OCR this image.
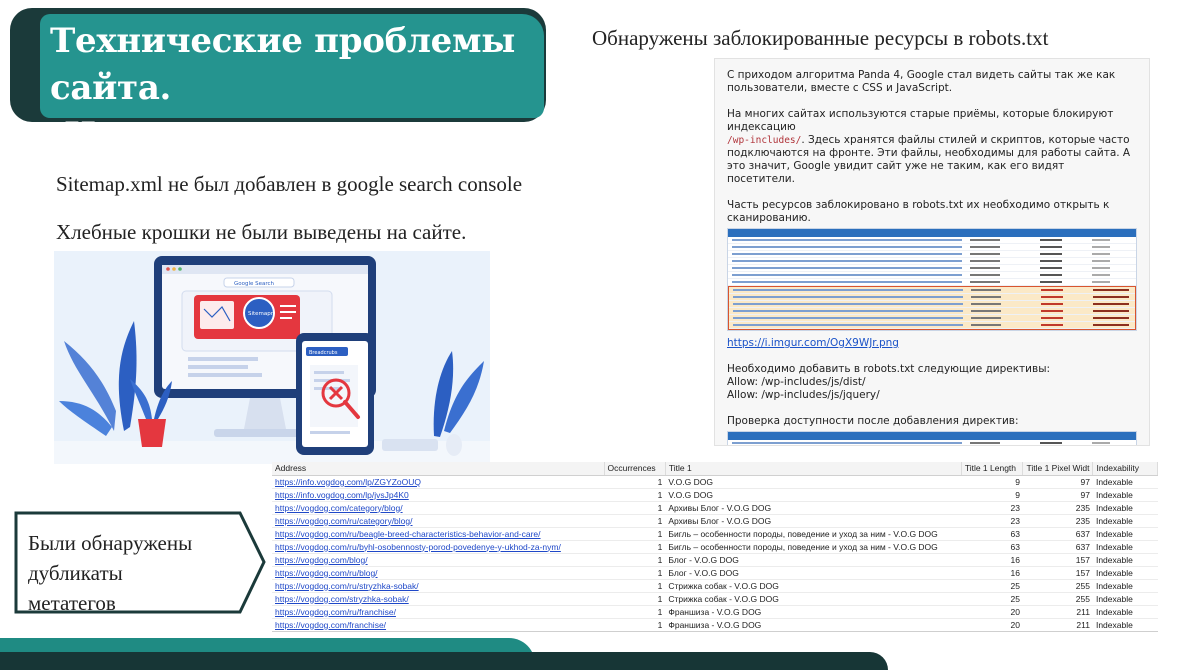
Технические проблемы сайта.
Их устранение.
Обнаружены заблокированные ресурсы в robots.txt
Sitemap.xml не был добавлен в google search console
Хлебные крошки не были выведены на сайте.
Google Search
Sitemapn
Breadcrubs

С приходом алгоритма Panda 4, Google стал видеть сайты так же как пользователи, вместе с CSS и JavaScript.

На многих сайтах используются старые приёмы, которые блокируют индексацию
/wp-includes/. Здесь хранятся файлы стилей и скриптов, которые часто подключаются на фронте. Эти файлы, необходимы для работы сайта. А это значит, Google увидит сайт уже не таким, как его видят посетители.

Часть ресурсов заблокировано в robots.txt их необходимо открыть к сканированию.

https://i.imgur.com/OgX9WJr.png

Необходимо добавить в robots.txt следующие директивы:
Allow: /wp-includes/js/dist/
Allow: /wp-includes/js/jquery/

Проверка доступности после добавления директив:

Address	Occurrences	Title 1	Title 1 Length	Title 1 Pixel Widt	Indexability
https://info.vogdog.com/lp/ZGYZoOUQ	1	V.O.G DOG	9	97	Indexable
https://info.vogdog.com/lp/jvsJp4K0	1	V.O.G DOG	9	97	Indexable
https://vogdog.com/category/blog/	1	Архивы Блог - V.O.G DOG	23	235	Indexable
https://vogdog.com/ru/category/blog/	1	Архивы Блог - V.O.G DOG	23	235	Indexable
https://vogdog.com/ru/beagle-breed-characteristics-behavior-and-care/	1	Бигль – особенности породы, поведение и уход за ним - V.O.G DOG	63	637	Indexable
https://vogdog.com/ru/byhl-osobennosty-porod-povedenye-y-ukhod-za-nym/	1	Бигль – особенности породы, поведение и уход за ним - V.O.G DOG	63	637	Indexable
https://vogdog.com/blog/	1	Блог - V.O.G DOG	16	157	Indexable
https://vogdog.com/ru/blog/	1	Блог - V.O.G DOG	16	157	Indexable
https://vogdog.com/ru/stryzhka-sobak/	1	Стрижка собак - V.O.G DOG	25	255	Indexable
https://vogdog.com/stryzhka-sobak/	1	Стрижка собак - V.O.G DOG	25	255	Indexable
https://vogdog.com/ru/franchise/	1	Франшиза - V.O.G DOG	20	211	Indexable
https://vogdog.com/franchise/	1	Франшиза - V.O.G DOG	20	211	Indexable
Были обнаружены
дубликаты
метатегов
